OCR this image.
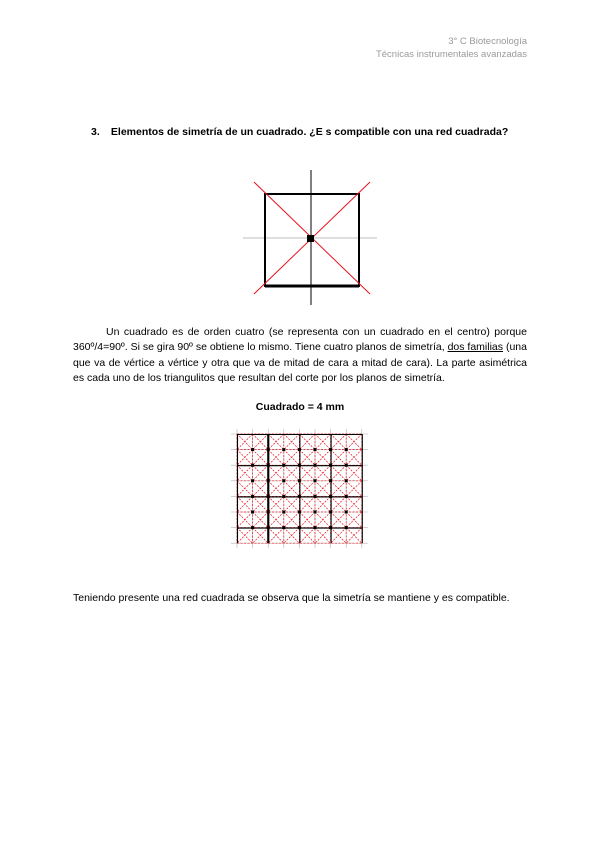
3° C Biotecnología
Técnicas instrumentales avanzadas
3. Elementos de simetría de un cuadrado. ¿E s compatible con una red cuadrada?
Un cuadrado es de orden cuatro (se representa con un cuadrado en el centro) porque 360º/4=90º. Si se gira 90º se obtiene lo mismo. Tiene cuatro planos de simetría, dos familias (una que va de vértice a vértice y otra que va de mitad de cara a mitad de cara). La parte asimétrica es cada uno de los triangulitos que resultan del corte por los planos de simetría.
Cuadrado = 4 mm
Teniendo presente una red cuadrada se observa que la simetría se mantiene y es compatible.
